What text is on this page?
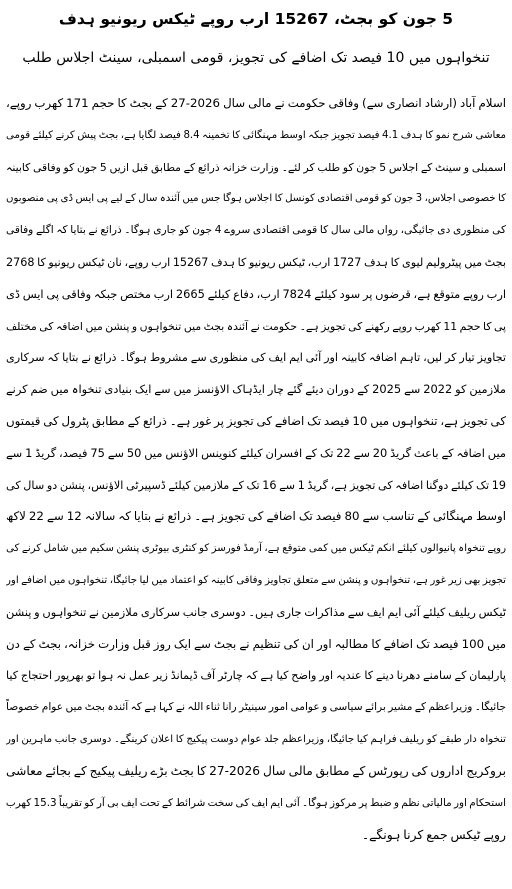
5 جون کو بجٹ، 15267 ارب روپے ٹیکس ریونیو ہدف
تنخواہوں میں 10 فیصد تک اضافے کی تجویز، قومی اسمبلی، سینٹ اجلاس طلب
اسلام آباد (ارشاد انصاری سے) وفاقی حکومت نے مالی سال 2026-27 کے بجٹ کا حجم 171 کھرب روپے،
معاشی شرح نمو کا ہدف 4.1 فیصد تجویز جبکہ اوسط مہنگائی کا تخمینہ 8.4 فیصد لگایا ہے، بجٹ پیش کرنے کیلئے قومی
اسمبلی و سینٹ کے اجلاس 5 جون کو طلب کر لئے۔ وزارت خزانہ ذرائع کے مطابق قبل ازیں 5 جون کو وفاقی کابینہ
کا خصوصی اجلاس، 3 جون کو قومی اقتصادی کونسل کا اجلاس ہوگا جس میں آئندہ سال کے لیے پی ایس ڈی پی منصوبوں
کی منظوری دی جائیگی، رواں مالی سال کا قومی اقتصادی سروے 4 جون کو جاری ہوگا۔ ذرائع نے بتایا کہ اگلے وفاقی
بجٹ میں پیٹرولیم لیوی کا ہدف 1727 ارب، ٹیکس ریونیو کا ہدف 15267 ارب روپے، نان ٹیکس ریونیو کا 2768
ارب روپے متوقع ہے، قرضوں پر سود کیلئے 7824 ارب، دفاع کیلئے 2665 ارب مختص جبکہ وفاقی پی ایس ڈی
پی کا حجم 11 کھرب روپے رکھنے کی تجویز ہے۔ حکومت نے آئندہ بجٹ میں تنخواہوں و پنشن میں اضافہ کی مختلف
تجاویز تیار کر لیں، تاہم اضافہ کابینہ اور آئی ایم ایف کی منظوری سے مشروط ہوگا۔ ذرائع نے بتایا کہ سرکاری
ملازمین کو 2022 سے 2025 کے دوران دیئے گئے چار ایڈہاک الاؤنسز میں سے ایک بنیادی تنخواہ میں ضم کرنے
کی تجویز ہے، تنخواہوں میں 10 فیصد تک اضافے کی تجویز پر غور ہے۔ ذرائع کے مطابق پٹرول کی قیمتوں
میں اضافہ کے باعث گریڈ 20 سے 22 تک کے افسران کیلئے کنوینس الاؤنس میں 50 سے 75 فیصد، گریڈ 1 سے
19 تک کیلئے دوگنا اضافہ کی تجویز ہے، گریڈ 1 سے 16 تک کے ملازمین کیلئے ڈسپیرٹی الاؤنس، پنشن دو سال کی
اوسط مہنگائی کے تناسب سے 80 فیصد تک اضافے کی تجویز ہے۔ ذرائع نے بتایا کہ سالانہ 12 سے 22 لاکھ
روپے تنخواہ پانیوالوں کیلئے انکم ٹیکس میں کمی متوقع ہے، آرمڈ فورسز کو کنٹری بیوٹری پنشن سکیم میں شامل کرنے کی
تجویز بھی زیر غور ہے، تنخواہوں و پنشن سے متعلق تجاویز وفاقی کابینہ کو اعتماد میں لیا جائیگا، تنخواہوں میں اضافے اور
ٹیکس ریلیف کیلئے آئی ایم ایف سے مذاکرات جاری ہیں۔ دوسری جانب سرکاری ملازمین نے تنخواہوں و پنشن
میں 100 فیصد تک اضافے کا مطالبہ اور ان کی تنظیم نے بجٹ سے ایک روز قبل وزارت خزانہ، بجٹ کے دن
پارلیمان کے سامنے دھرنا دینے کا عندیہ اور واضح کیا ہے کہ چارٹر آف ڈیمانڈ زیر عمل نہ ہوا تو بھرپور احتجاج کیا
جائیگا۔ وزیراعظم کے مشیر برائے سیاسی و عوامی امور سینیٹر رانا ثناء اللہ نے کہا ہے کہ آئندہ بجٹ میں عوام خصوصاً
تنخواہ دار طبقے کو ریلیف فراہم کیا جائیگا، وزیراعظم جلد عوام دوست پیکیج کا اعلان کرینگے۔ دوسری جانب ماہرین اور
بروکریج اداروں کی رپورٹس کے مطابق مالی سال 2026-27 کا بجٹ بڑے ریلیف پیکیج کے بجائے معاشی
استحکام اور مالیاتی نظم و ضبط پر مرکوز ہوگا۔ آئی ایم ایف کی سخت شرائط کے تحت ایف بی آر کو تقریباً 15.3 کھرب
روپے ٹیکس جمع کرنا ہونگے۔
